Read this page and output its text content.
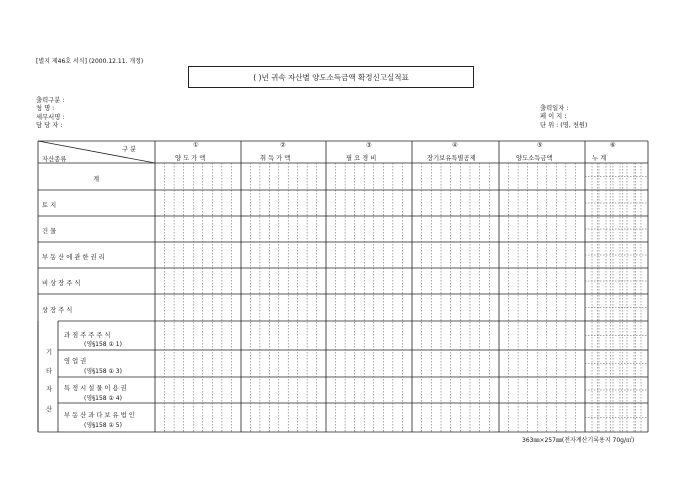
[별지 제46호 서식] (2000.12.11. 개정)
( )년 귀속 자산별 양도소득금액 확정신고실적표
출력구분 :
청 명 :
세무서명 :
담 당 자 :
출력일자 :
페 이 지 :
단 위 : (명, 천원)
구 분
자산종류
①
양 도 가 액
②
취 득 가 액
③
필 요 경 비
④
장기보유특별공제
⑤
양도소득금액
⑥
누 계
계
토 지
건 물
부 동 산 에 관 한 권 리
비 상 장 주 식
상 장 주 식
기
타
자
산
과 점 주 주 주 식
(영§158 ① 1)
영 업 권
(영§158 ① 3)
특 정 시 설 물 이 용 권
(영§158 ① 4)
부 동 산 과 다 보 유 법 인
(영§158 ① 5)
363㎜×257㎜(전자계산기록용지 70g/㎡)
